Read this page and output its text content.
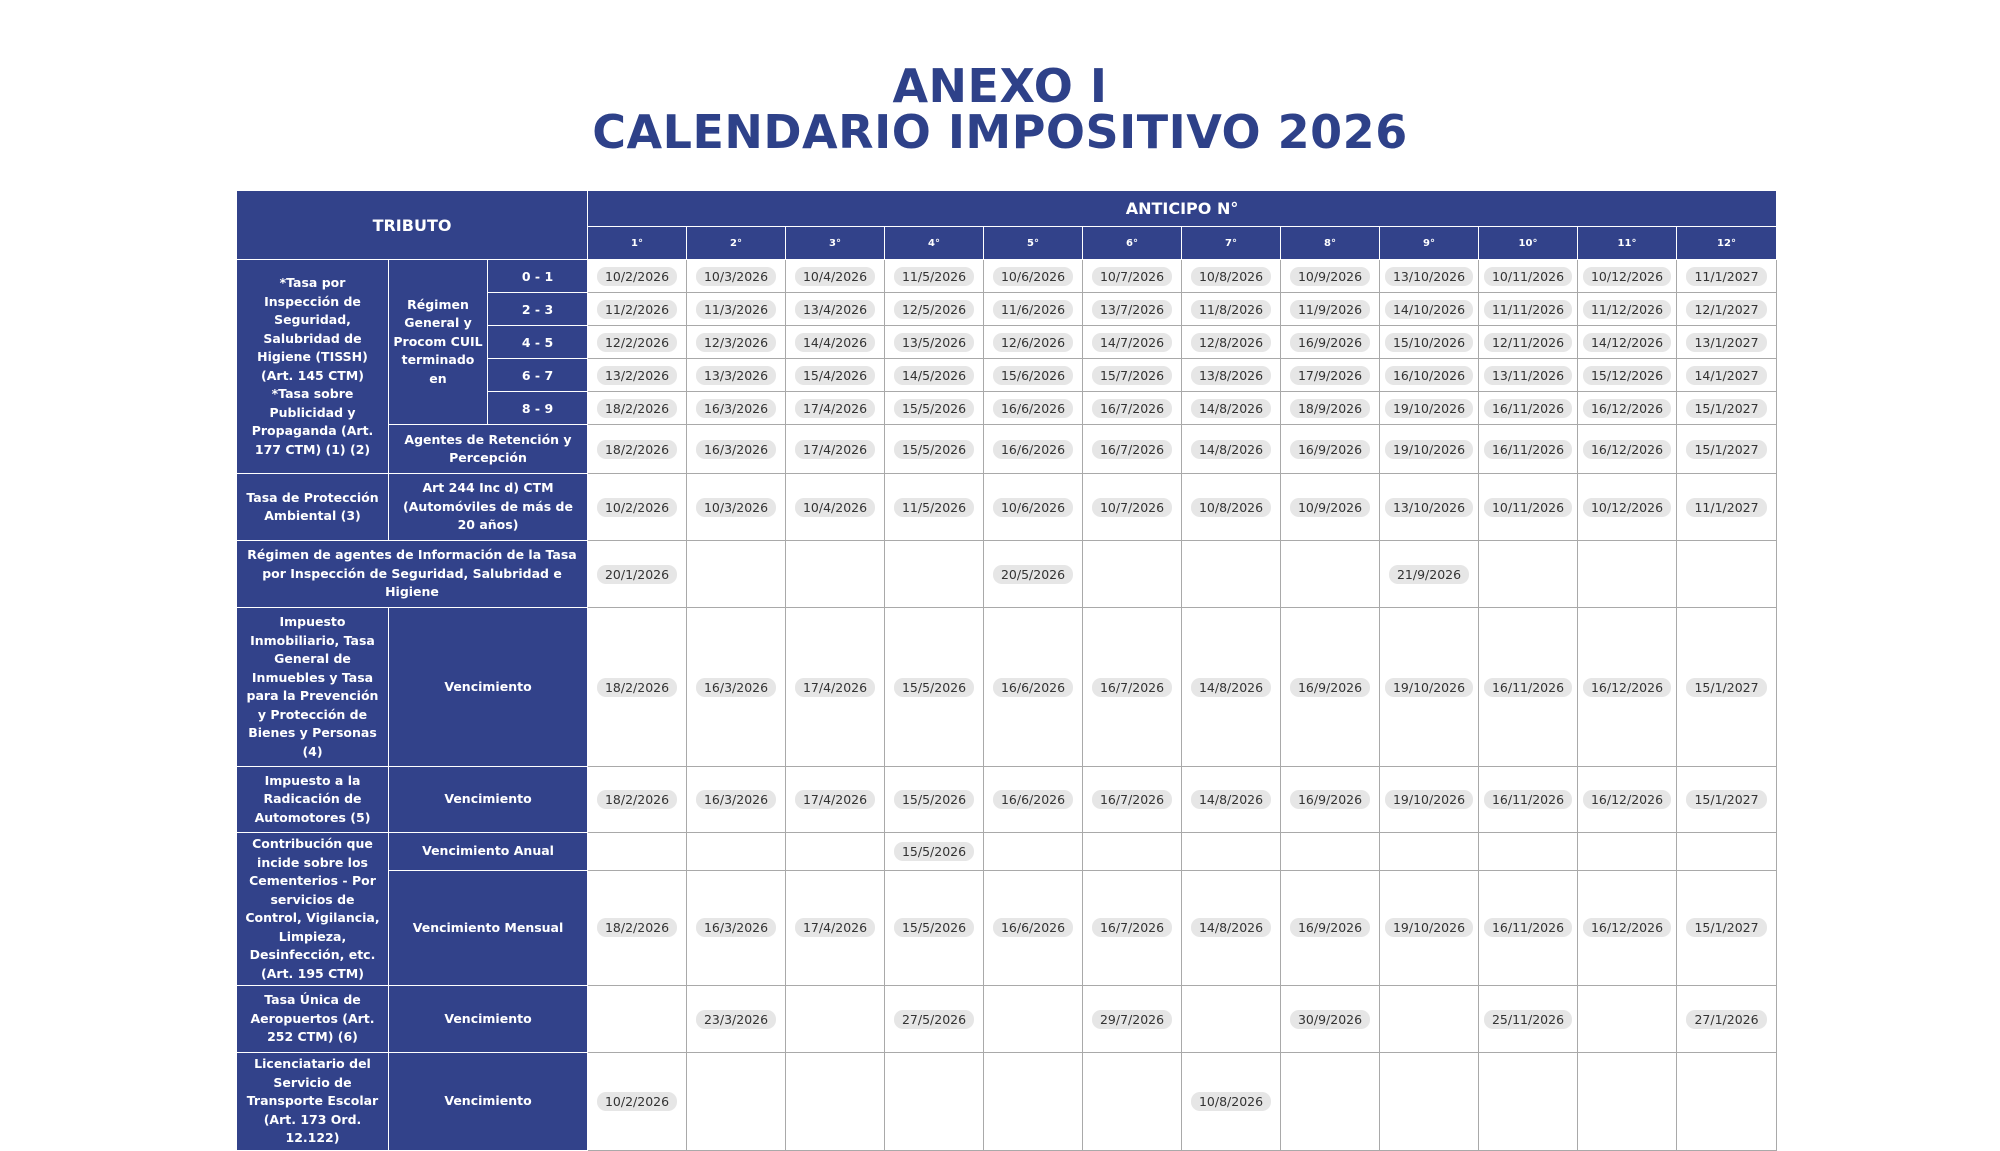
ANEXO I
CALENDARIO IMPOSITIVO 2026
TRIBUTO			ANTICIPO N°											
			1°	2°	3°	4°	5°	6°	7°	8°	9°	10°	11°	12°
*Tasa por Inspección de Seguridad, Salubridad de Higiene (TISSH) (Art. 145 CTM) *Tasa sobre Publicidad y Propaganda (Art. 177 CTM) (1) (2)	Régimen General y Procom CUIL terminado en	0 - 1	10/2/2026	10/3/2026	10/4/2026	11/5/2026	10/6/2026	10/7/2026	10/8/2026	10/9/2026	13/10/2026	10/11/2026	10/12/2026	11/1/2027
		2 - 3	11/2/2026	11/3/2026	13/4/2026	12/5/2026	11/6/2026	13/7/2026	11/8/2026	11/9/2026	14/10/2026	11/11/2026	11/12/2026	12/1/2027
		4 - 5	12/2/2026	12/3/2026	14/4/2026	13/5/2026	12/6/2026	14/7/2026	12/8/2026	16/9/2026	15/10/2026	12/11/2026	14/12/2026	13/1/2027
		6 - 7	13/2/2026	13/3/2026	15/4/2026	14/5/2026	15/6/2026	15/7/2026	13/8/2026	17/9/2026	16/10/2026	13/11/2026	15/12/2026	14/1/2027
		8 - 9	18/2/2026	16/3/2026	17/4/2026	15/5/2026	16/6/2026	16/7/2026	14/8/2026	18/9/2026	19/10/2026	16/11/2026	16/12/2026	15/1/2027
	Agentes de Retención y Percepción		18/2/2026	16/3/2026	17/4/2026	15/5/2026	16/6/2026	16/7/2026	14/8/2026	16/9/2026	19/10/2026	16/11/2026	16/12/2026	15/1/2027
Tasa de Protección Ambiental (3)	Art 244 Inc d) CTM (Automóviles de más de 20 años)		10/2/2026	10/3/2026	10/4/2026	11/5/2026	10/6/2026	10/7/2026	10/8/2026	10/9/2026	13/10/2026	10/11/2026	10/12/2026	11/1/2027
Régimen de agentes de Información de la Tasa por Inspección de Seguridad, Salubridad e Higiene			20/1/2026				20/5/2026				21/9/2026			
Impuesto Inmobiliario, Tasa General de Inmuebles y Tasa para la Prevención y Protección de Bienes y Personas (4)	Vencimiento		18/2/2026	16/3/2026	17/4/2026	15/5/2026	16/6/2026	16/7/2026	14/8/2026	16/9/2026	19/10/2026	16/11/2026	16/12/2026	15/1/2027
Impuesto a la Radicación de Automotores (5)	Vencimiento		18/2/2026	16/3/2026	17/4/2026	15/5/2026	16/6/2026	16/7/2026	14/8/2026	16/9/2026	19/10/2026	16/11/2026	16/12/2026	15/1/2027
Contribución que incide sobre los Cementerios - Por servicios de Control, Vigilancia, Limpieza, Desinfección, etc. (Art. 195 CTM)	Vencimiento Anual					15/5/2026								
	Vencimiento Mensual		18/2/2026	16/3/2026	17/4/2026	15/5/2026	16/6/2026	16/7/2026	14/8/2026	16/9/2026	19/10/2026	16/11/2026	16/12/2026	15/1/2027
Tasa Única de Aeropuertos (Art. 252 CTM) (6)	Vencimiento			23/3/2026		27/5/2026		29/7/2026		30/9/2026		25/11/2026		27/1/2026
Licenciatario del Servicio de Transporte Escolar (Art. 173 Ord. 12.122)	Vencimiento		10/2/2026						10/8/2026					
